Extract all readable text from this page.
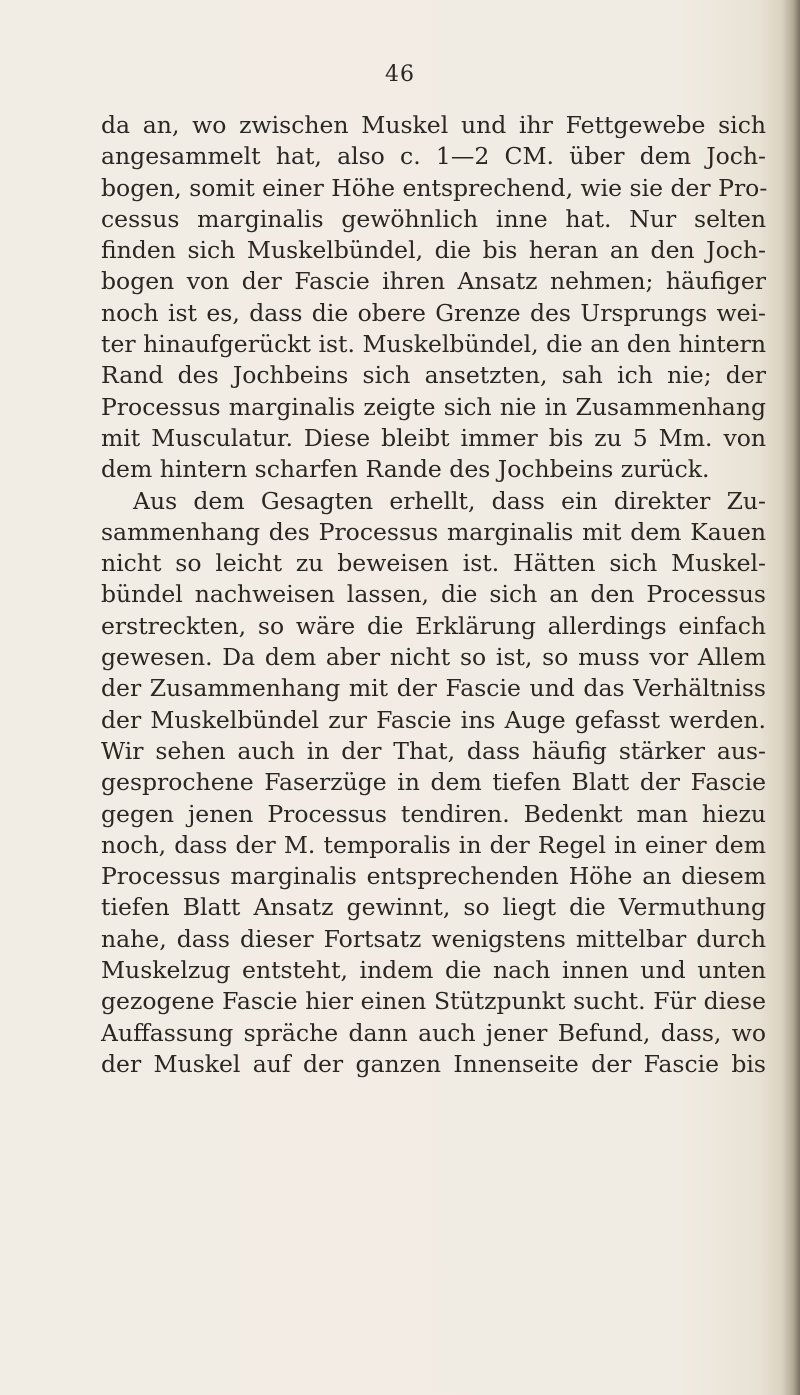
46
da an, wo zwischen Muskel und ihr Fettgewebe sich
angesammelt hat, also c. 1—2 CM. über dem Joch-
bogen, somit einer Höhe entsprechend, wie sie der Pro-
cessus marginalis gewöhnlich inne hat. Nur selten
finden sich Muskelbündel, die bis heran an den Joch-
bogen von der Fascie ihren Ansatz nehmen; häufiger
noch ist es, dass die obere Grenze des Ursprungs wei-
ter hinaufgerückt ist. Muskelbündel, die an den hintern
Rand des Jochbeins sich ansetzten, sah ich nie; der
Processus marginalis zeigte sich nie in Zusammenhang
mit Musculatur. Diese bleibt immer bis zu 5 Mm. von
dem hintern scharfen Rande des Jochbeins zurück.
Aus dem Gesagten erhellt, dass ein direkter Zu-
sammenhang des Processus marginalis mit dem Kauen
nicht so leicht zu beweisen ist. Hätten sich Muskel-
bündel nachweisen lassen, die sich an den Processus
erstreckten, so wäre die Erklärung allerdings einfach
gewesen. Da dem aber nicht so ist, so muss vor Allem
der Zusammenhang mit der Fascie und das Verhältniss
der Muskelbündel zur Fascie ins Auge gefasst werden.
Wir sehen auch in der That, dass häufig stärker aus-
gesprochene Faserzüge in dem tiefen Blatt der Fascie
gegen jenen Processus tendiren. Bedenkt man hiezu
noch, dass der M. temporalis in der Regel in einer dem
Processus marginalis entsprechenden Höhe an diesem
tiefen Blatt Ansatz gewinnt, so liegt die Vermuthung
nahe, dass dieser Fortsatz wenigstens mittelbar durch
Muskelzug entsteht, indem die nach innen und unten
gezogene Fascie hier einen Stützpunkt sucht. Für diese
Auffassung spräche dann auch jener Befund, dass, wo
der Muskel auf der ganzen Innenseite der Fascie bis
